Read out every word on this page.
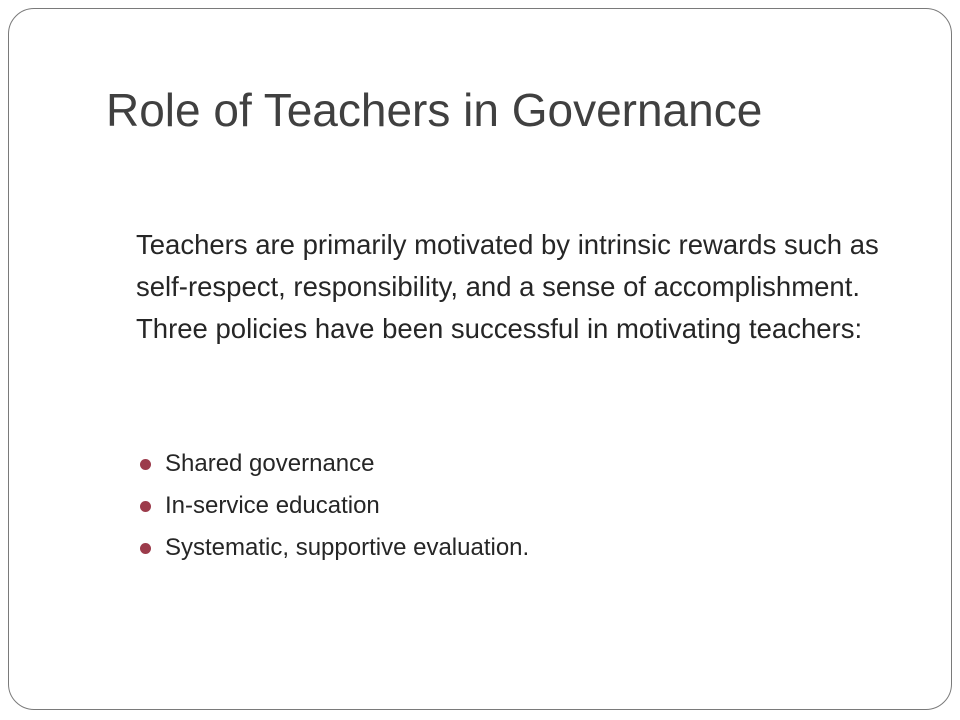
Role of Teachers in Governance

Teachers are primarily motivated by intrinsic rewards such as self-respect, responsibility, and a sense of accomplishment. Three policies have been successful in motivating teachers:

Shared governance
In-service education
Systematic, supportive evaluation.
